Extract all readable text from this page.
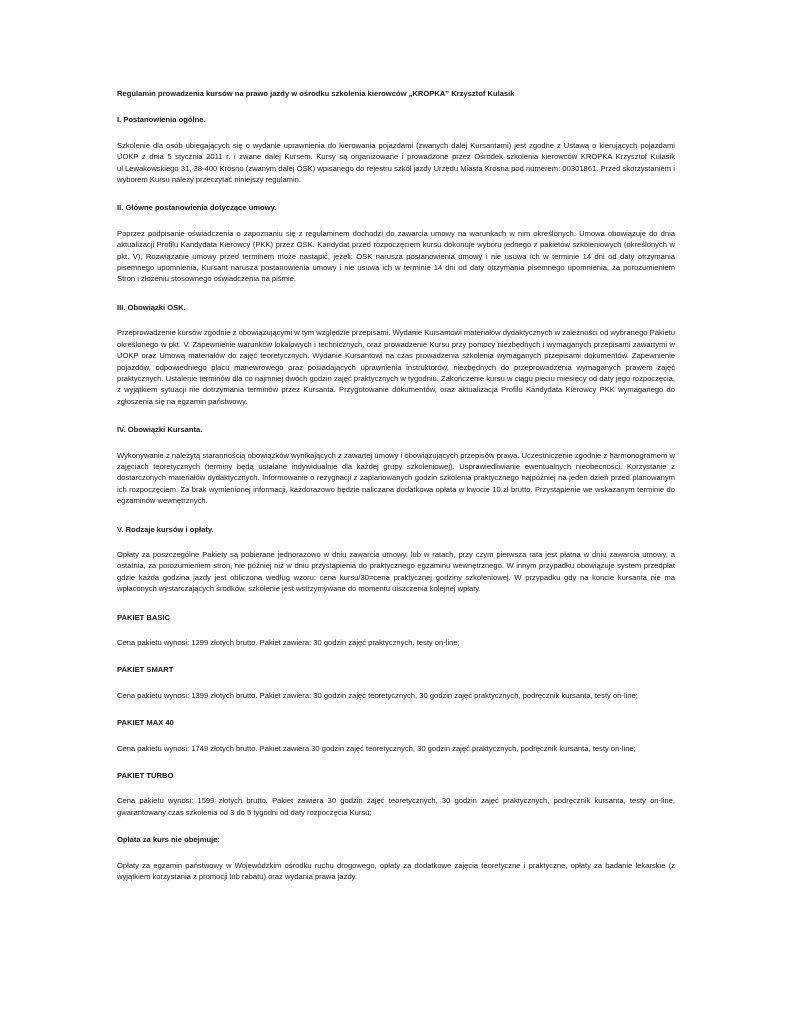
Regulamin prowadzenia kursów na prawo jazdy w ośrodku szkolenia kierowców „KROPKA” Krzysztof Kulasik
I. Postanowienia ogólne.
Szkolenie dla osób ubiegających się o wydanie uprawnienia do kierowania pojazdami (zwanych dalej Kursantami) jest zgodne z Ustawą o kierujących pojazdami UOKP z dnia 5 stycznia 2011 r. i zwane dalej Kursem. Kursy są organizowane i prowadzone przez Ośrodek szkolenia kierowców KROPKA Krzysztof Kulasik ul.Lewakowskiego 31, 38-400 Krosno (zwanym dalej OSK) wpisanego do rejestru szkół jazdy Urzędu Miasta Krosna pod numerem: 00301861. Przed skorzystaniem i wyborem Kursu należy przeczytać niniejszy regulamin.
II. Główne postanowienia dotyczące umowy.
Poprzez podpisanie oświadczenia o zapoznaniu się z regulaminem dochodzi do zawarcia umowy na warunkach w nim określonych. Umowa obowiązuje do dnia aktualizacji Profilu Kandydata Kierowcy (PKK) przez OSK. Kandydat przed rozpoczęciem kursu dokonuje wyboru jednego z pakietów szkoleniowych (określonych w pkt. V), Rozwiązanie umowy przed terminem może nastąpić, jeżeli: OSK narusza postanowienia umowy i nie usuwa ich w terminie 14 dni od daty otrzymania pisemnego upomnienia, Kursant narusza postanowienia umowy i nie usuwa ich w terminie 14 dni od daty otrzymania pisemnego upomnienia, za porozumieniem Stron i złożeniu stosownego oświadczenia na piśmie.
III. Obowiązki OSK.
Przeprowadzenie kursów zgodnie z obowiązującymi w tym względzie przepisami. Wydanie Kursantowi materiałów dydaktycznych w zależności od wybranego Pakietu określonego w pkt. V. Zapewnienie warunków lokalowych i technicznych, oraz prowadzenie Kursu przy pomocy niezbędnych i wymaganych przepisami zawartymi w UOKP oraz Umową materiałów do zajęć teoretycznych. Wydanie Kursantowi na czas prowadzenia szkolenia wymaganych przepisami dokumentów. Zapewnienie pojazdów, odpowiedniego placu manewrowego oraz posiadających uprawnienia instruktorów, niezbędnych do przeprowadzenia wymaganych prawem zajęć praktycznych. Ustalenie terminów dla co najmniej dwóch godzin zajęć praktycznych w tygodniu. Zakończenie kursu w ciągu pięciu miesięcy od daty jego rozpoczęcia, z wyjątkiem sytuacji nie dotrzymania terminów przez Kursanta. Przygotowanie dokumentów, oraz aktualizacja Profilu Kandydata Kierowcy PKK wymaganego do zgłoszenia się na egzamin państwowy.
IV. Obowiązki Kursanta.
Wykonywanie z należytą starannością obowiązków wynikających z zawartej umowy i obowiązujących przepisów prawa. Uczestniczenie zgodnie z harmonogramem w zajęciach teoretycznych (terminy będą ustalane indywidualnie dla każdej grupy szkoleniowej). Usprawiedliwianie ewentualnych nieobecności. Korzystanie z dostarczonych materiałów dydaktycznych. Informowanie o rezygnacji z zaplanowanych godzin szkolenia praktycznego najpóźniej na jeden dzień przed planowanym ich rozpoczęciem. Za brak wymienionej informacji, każdorazowo będzie naliczana dodatkowa opłata w kwocie 10 zł brutto. Przystąpienie we wskazanym terminie do egzaminów wewnętrznych.
V. Rodzaje kursów i opłaty.
Opłaty za poszczególne Pakiety są pobierane jednorazowo w dniu zawarcia umowy, lub w ratach, przy czym pierwsza rata jest płatna w dniu zawarcia umowy, a ostatnia, za porozumieniem stron, nie później niż w dniu przystąpienia do praktycznego egzaminu wewnętrznego. W innym przypadku obowiązuje system przedpłat gdzie każda godzina jazdy jest obliczona według wzoru: cena kursu/30=cena praktycznej godziny szkoleniowej. W przypadku gdy na koncie kursanta nie ma wpłaconych wystarczających środków, szkolenie jest wstrzymywane do momentu uiszczenia kolejnej wpłaty.
PAKIET BASIC
Cena pakietu wynosi: 1299 złotych brutto. Pakiet zawiera: 30 godzin zajęć praktycznych, testy on-line;
PAKIET SMART
Cena pakietu wynosi: 1399 złotych brutto. Pakiet zawiera: 30 godzin zajęć teoretycznych, 30 godzin zajęć praktycznych, podręcznik kursanta, testy on-line;
PAKIET MAX 40
Cena pakietu wynosi: 1749 złotych brutto. Pakiet zawiera 30 godzin zajęć teoretycznych, 30 godzin zajęć praktycznych, podręcznik kursanta, testy on-line;
PAKIET TURBO
Cena pakietu wynosi: 1599 złotych brutto. Pakiet zawiera 30 godzin zajęć teoretycznych, 30 godzin zajęć praktycznych, podręcznik kursanta, testy on-line, gwarantowany czas szkolenia od 3 do 5 tygodni od daty rozpoczęcia Kursu;
Opłata za kurs nie obejmuje:
Opłaty za egzamin państwowy w Wojewódzkim ośrodku ruchu drogowego, opłaty za dodatkowe zajęcia teoretyczne i praktyczne, opłaty za badanie lekarskie (z wyjątkiem korzystania z promocji lub rabatu) oraz wydania prawa jazdy.
